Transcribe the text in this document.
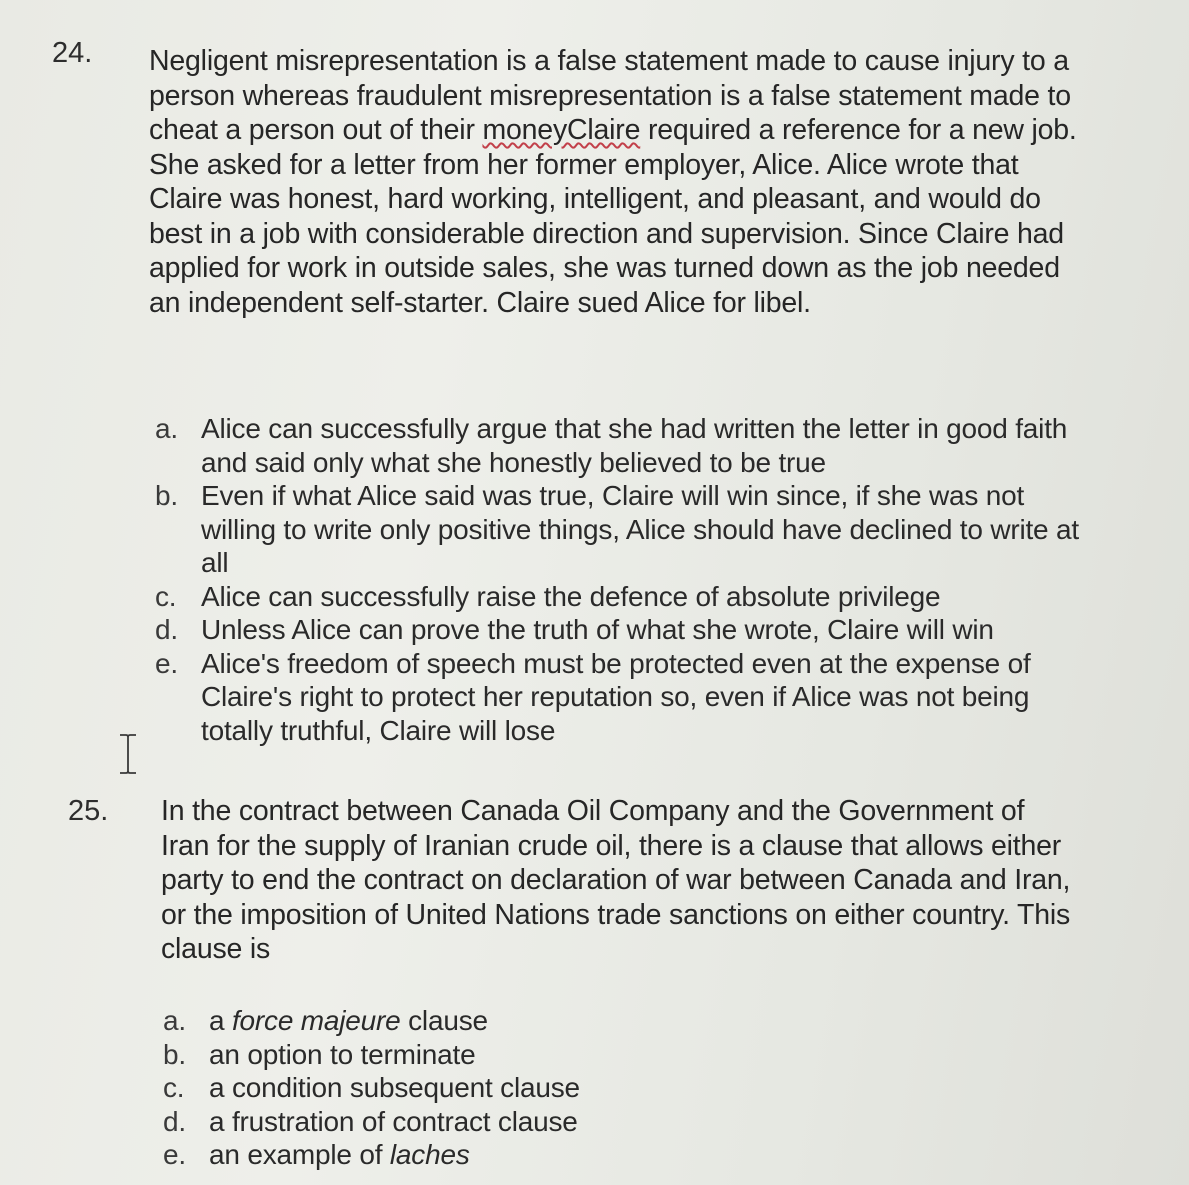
24. Negligent misrepresentation is a false statement made to cause injury to a person whereas fraudulent misrepresentation is a false statement made to cheat a person out of their moneyClaire required a reference for a new job. She asked for a letter from her former employer, Alice. Alice wrote that Claire was honest, hard working, intelligent, and pleasant, and would do best in a job with considerable direction and supervision. Since Claire had applied for work in outside sales, she was turned down as the job needed an independent self-starter. Claire sued Alice for libel.
a. Alice can successfully argue that she had written the letter in good faith and said only what she honestly believed to be true
b. Even if what Alice said was true, Claire will win since, if she was not willing to write only positive things, Alice should have declined to write at all
c. Alice can successfully raise the defence of absolute privilege
d. Unless Alice can prove the truth of what she wrote, Claire will win
e. Alice's freedom of speech must be protected even at the expense of Claire's right to protect her reputation so, even if Alice was not being totally truthful, Claire will lose
25. In the contract between Canada Oil Company and the Government of Iran for the supply of Iranian crude oil, there is a clause that allows either party to end the contract on declaration of war between Canada and Iran, or the imposition of United Nations trade sanctions on either country. This clause is
a. a force majeure clause
b. an option to terminate
c. a condition subsequent clause
d. a frustration of contract clause
e. an example of laches
